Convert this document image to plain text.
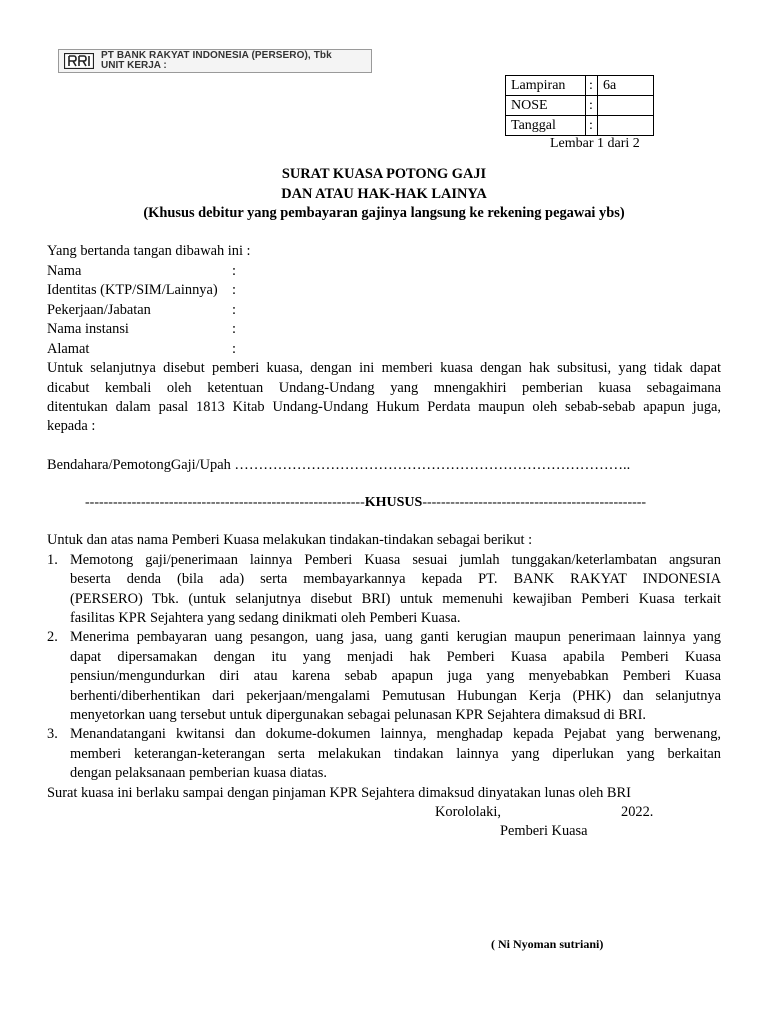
PT BANK RAKYAT INDONESIA (PERSERO), Tbk
UNIT KERJA :
Lampiran	:	6a
NOSE	:	
Tanggal	:	
Lembar 1 dari 2
SURAT KUASA POTONG GAJI
DAN ATAU HAK-HAK LAINYA
(Khusus debitur yang pembayaran gajinya langsung ke rekening pegawai ybs)
Yang bertanda tangan dibawah ini :
Nama	:
Identitas (KTP/SIM/Lainnya) :
Pekerjaan/Jabatan	:
Nama instansi	:
Alamat	:
Untuk selanjutnya disebut pemberi kuasa, dengan ini memberi kuasa dengan hak subsitusi, yang tidak dapat
dicabut kembali oleh ketentuan Undang-Undang yang mnengakhiri pemberian kuasa sebagaimana
ditentukan dalam pasal 1813 Kitab Undang-Undang Hukum Perdata maupun oleh sebab-sebab apapun juga,
kepada :
Bendahara/PemotongGaji/Upah ………………………………………………………………………..
------------------------------------------------------------KHUSUS------------------------------------------------
Untuk dan atas nama Pemberi Kuasa melakukan tindakan-tindakan sebagai berikut :
1. Memotong gaji/penerimaan lainnya Pemberi Kuasa sesuai jumlah tunggakan/keterlambatan angsuran
beserta denda (bila ada) serta membayarkannya kepada PT. BANK RAKYAT INDONESIA
(PERSERO) Tbk. (untuk selanjutnya disebut BRI) untuk memenuhi kewajiban Pemberi Kuasa terkait
fasilitas KPR Sejahtera yang sedang dinikmati oleh Pemberi Kuasa.
2. Menerima pembayaran uang pesangon, uang jasa, uang ganti kerugian maupun penerimaan lainnya yang
dapat dipersamakan dengan itu yang menjadi hak Pemberi Kuasa apabila Pemberi Kuasa
pensiun/mengundurkan diri atau karena sebab apapun juga yang menyebabkan Pemberi Kuasa
berhenti/diberhentikan dari pekerjaan/mengalami Pemutusan Hubungan Kerja (PHK) dan selanjutnya
menyetorkan uang tersebut untuk dipergunakan sebagai pelunasan KPR Sejahtera dimaksud di BRI.
3. Menandatangani kwitansi dan dokume-dokumen lainnya, menghadap kepada Pejabat yang berwenang,
memberi keterangan-keterangan serta melakukan tindakan lainnya yang diperlukan yang berkaitan
dengan pelaksanaan pemberian kuasa diatas.
Surat kuasa ini berlaku sampai dengan pinjaman KPR Sejahtera dimaksud dinyatakan lunas oleh BRI
Korololaki,	2022.
Pemberi Kuasa
( Ni Nyoman sutriani)
